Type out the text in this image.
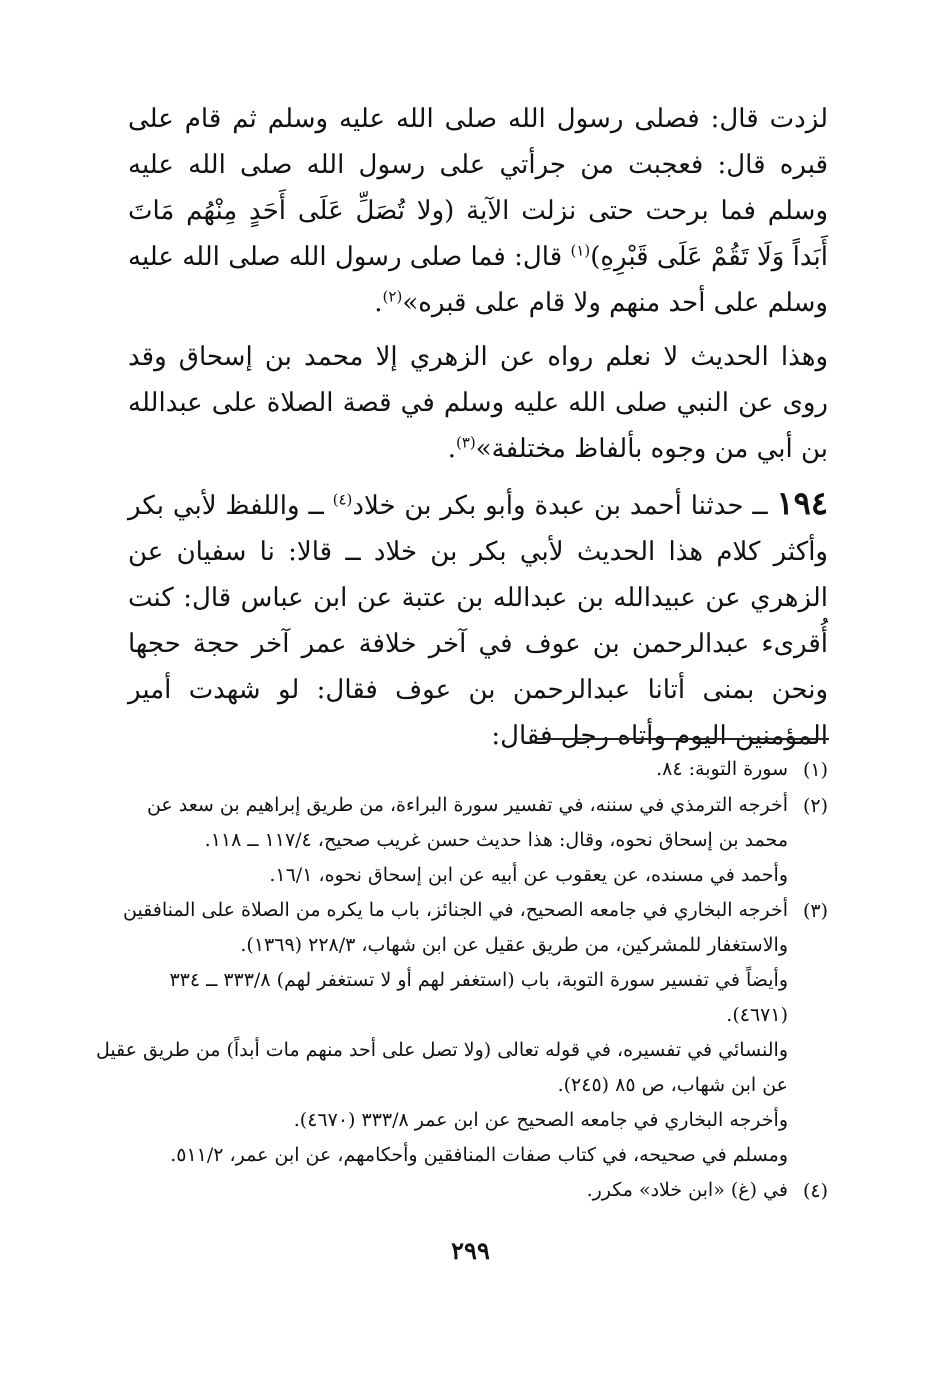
لزدت قال: فصلى رسول الله صلى الله عليه وسلم ثم قام على قبره قال: فعجبت من جرأتي على رسول الله صلى الله عليه وسلم فما برحت حتى نزلت الآية (ولا تُصَلِّ عَلَى أَحَدٍ مِنْهُم مَاتَ أَبَداً وَلَا تَقُمْ عَلَى قَبْرِهِ)$^{(١)}$ قال: فما صلى رسول الله صلى الله عليه وسلم على أحد منهم ولا قام على قبره»$^{(٢)}$.

وهذا الحديث لا نعلم رواه عن الزهري إلا محمد بن إسحاق وقد روى عن النبي صلى الله عليه وسلم في قصة الصلاة على عبدالله بن أبي من وجوه بألفاظ مختلفة»$^{(٣)}$.

١٩٤ ــ حدثنا أحمد بن عبدة وأبو بكر بن خلاد$^{(٤)}$ ــ واللفظ لأبي بكر وأكثر كلام هذا الحديث لأبي بكر بن خلاد ــ قالا: نا سفيان عن الزهري عن عبيدالله بن عبدالله بن عتبة عن ابن عباس قال: كنت أُقرىء عبدالرحمن بن عوف في آخر خلافة عمر آخر حجة حجها ونحن بمنى أتانا عبدالرحمن بن عوف فقال: لو شهدت أمير المؤمنين اليوم وأتاه رجل فقال:

(١)
سورة التوبة: ٨٤.
(٢)
أخرجه الترمذي في سننه، في تفسير سورة البراءة، من طريق إبراهيم بن سعد عن
محمد بن إسحاق نحوه، وقال: هذا حديث حسن غريب صحيح، ١١٧/٤ ــ ١١٨.
وأحمد في مسنده، عن يعقوب عن أبيه عن ابن إسحاق نحوه، ١٦/١.
(٣)
أخرجه البخاري في جامعه الصحيح، في الجنائز، باب ما يكره من الصلاة على المنافقين
والاستغفار للمشركين، من طريق عقيل عن ابن شهاب، ٢٢٨/٣ (١٣٦٩).
وأيضاً في تفسير سورة التوبة، باب (استغفر لهم أو لا تستغفر لهم) ٣٣٣/٨ ــ ٣٣٤
(٤٦٧١).
والنسائي في تفسيره، في قوله تعالى (ولا تصل على أحد منهم مات أبداً) من طريق عقيل
عن ابن شهاب، ص ٨٥ (٢٤٥).
وأخرجه البخاري في جامعه الصحيح عن ابن عمر ٣٣٣/٨ (٤٦٧٠).
ومسلم في صحيحه، في كتاب صفات المنافقين وأحكامهم، عن ابن عمر، ٥١١/٢.
(٤)
في (غ) «ابن خلاد» مكرر.
٢٩٩
